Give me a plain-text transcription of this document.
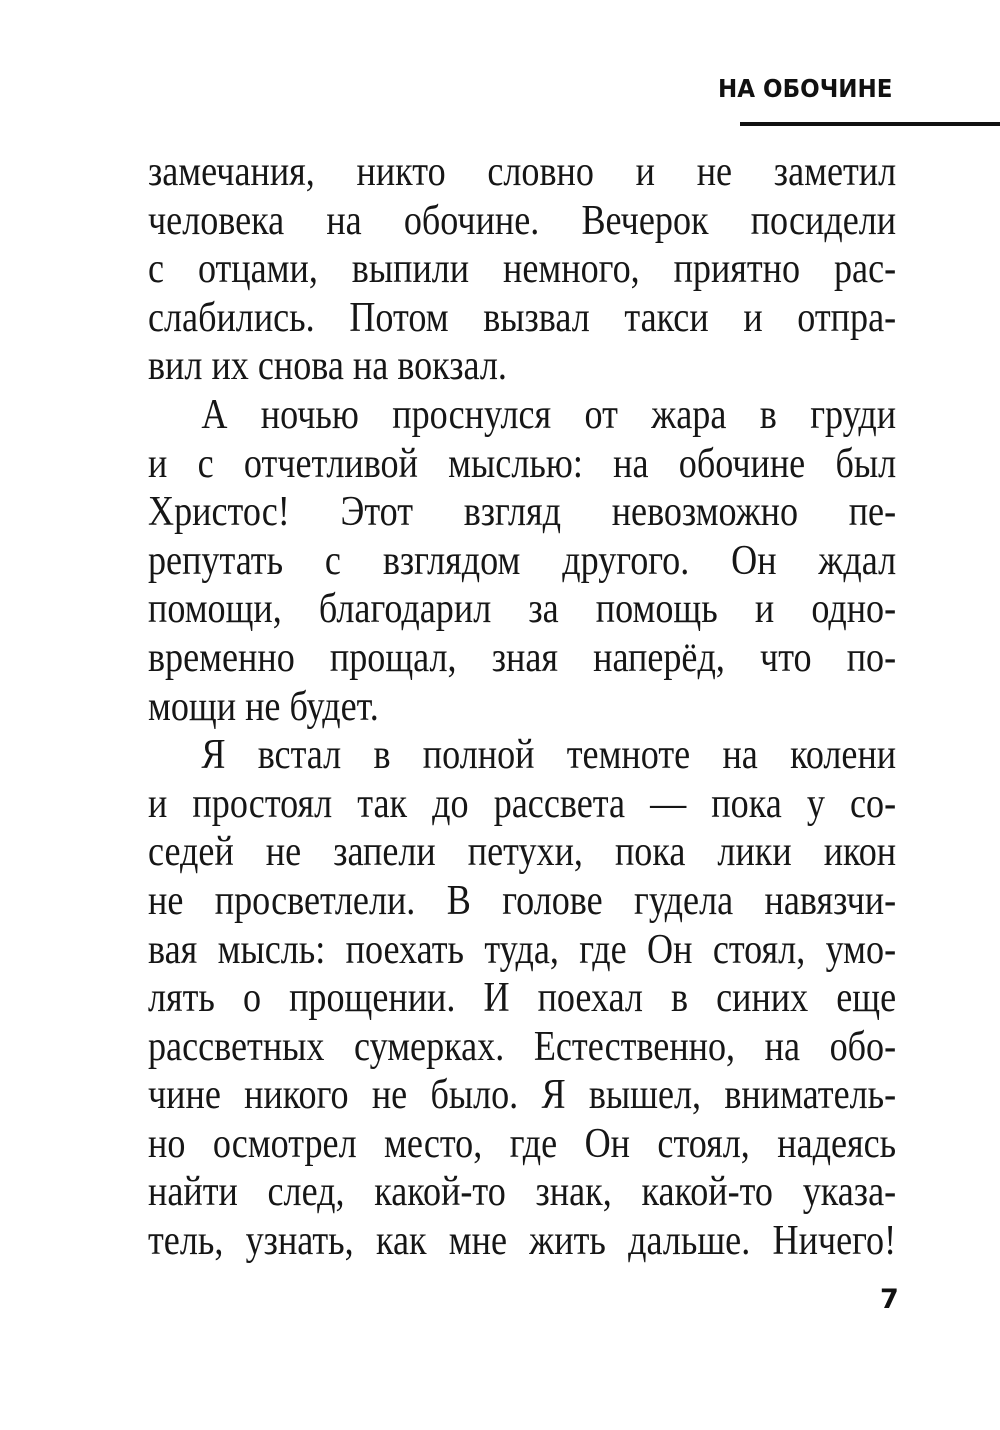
НА ОБОЧИНЕ
замечания, никто словно и не заметил
человека на обочине. Вечерок посидели
с отцами, выпили немного, приятно рас-
слабились. Потом вызвал такси и отпра-
вил их снова на вокзал.
А ночью проснулся от жара в груди
и с отчетливой мыслью: на обочине был
Христос! Этот взгляд невозможно пе-
репутать с взглядом другого. Он ждал
помощи, благодарил за помощь и одно-
временно прощал, зная наперёд, что по-
мощи не будет.
Я встал в полной темноте на колени
и простоял так до рассвета — пока у со-
седей не запели петухи, пока лики икон
не просветлели. В голове гудела навязчи-
вая мысль: поехать туда, где Он стоял, умо-
лять о прощении. И поехал в синих еще
рассветных сумерках. Естественно, на обо-
чине никого не было. Я вышел, вниматель-
но осмотрел место, где Он стоял, надеясь
найти след, какой-то знак, какой-то указа-
тель, узнать, как мне жить дальше. Ничего!
7
